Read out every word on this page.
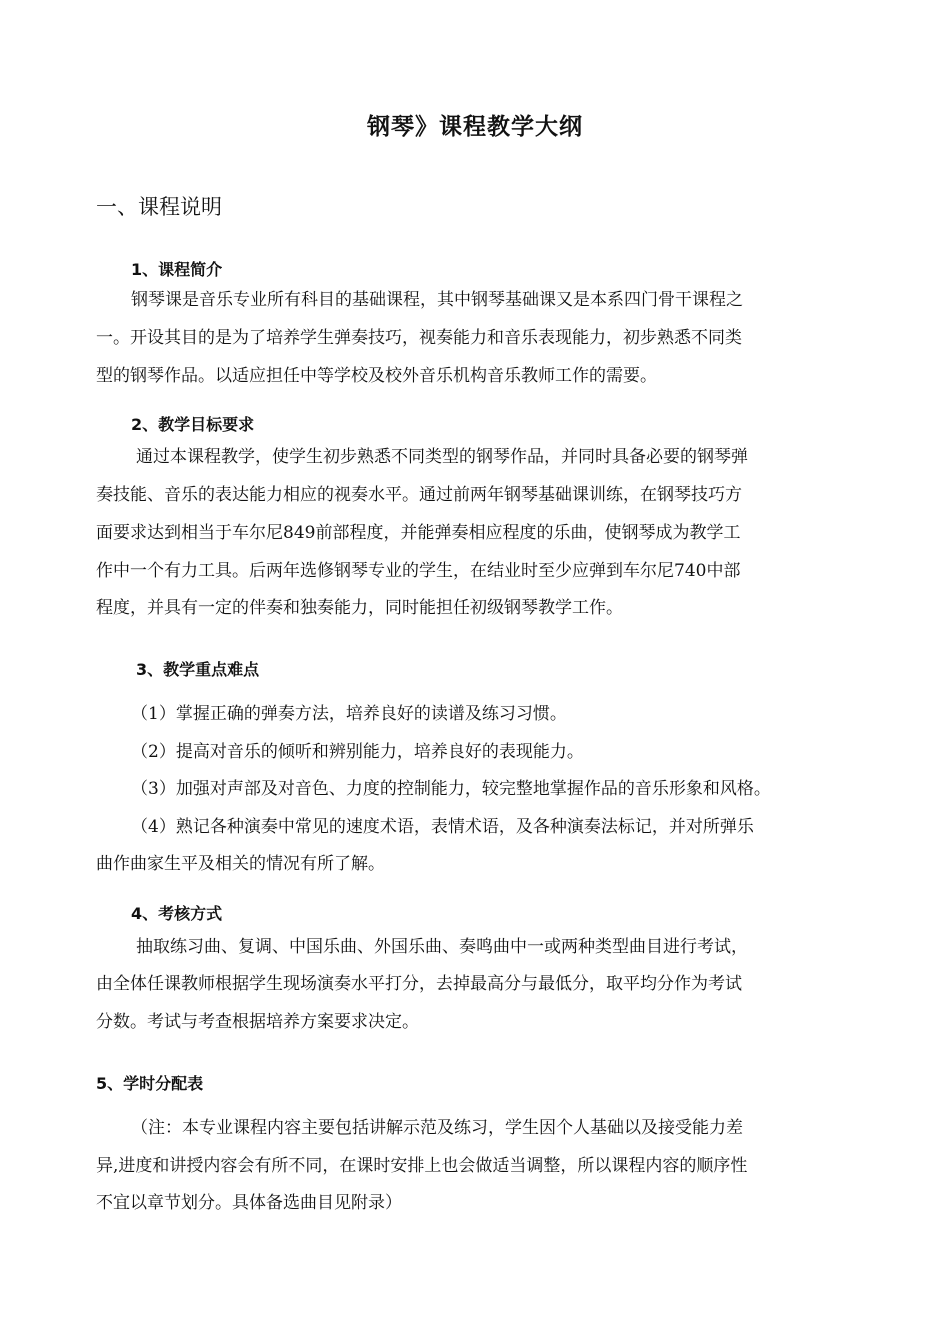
钢琴》课程教学大纲
一、课程说明
1、课程简介
钢琴课是音乐专业所有科目的基础课程，其中钢琴基础课又是本系四门骨干课程之
一。开设其目的是为了培养学生弹奏技巧，视奏能力和音乐表现能力，初步熟悉不同类
型的钢琴作品。以适应担任中等学校及校外音乐机构音乐教师工作的需要。
2、教学目标要求
通过本课程教学，使学生初步熟悉不同类型的钢琴作品，并同时具备必要的钢琴弹
奏技能、音乐的表达能力相应的视奏水平。通过前两年钢琴基础课训练，在钢琴技巧方
面要求达到相当于车尔尼849前部程度，并能弹奏相应程度的乐曲，使钢琴成为教学工
作中一个有力工具。后两年选修钢琴专业的学生，在结业时至少应弹到车尔尼740中部
程度，并具有一定的伴奏和独奏能力，同时能担任初级钢琴教学工作。
3、教学重点难点
（1）掌握正确的弹奏方法，培养良好的读谱及练习习惯。
（2）提高对音乐的倾听和辨别能力，培养良好的表现能力。
（3）加强对声部及对音色、力度的控制能力，较完整地掌握作品的音乐形象和风格。
（4）熟记各种演奏中常见的速度术语，表情术语，及各种演奏法标记，并对所弹乐
曲作曲家生平及相关的情况有所了解。
4、考核方式
抽取练习曲、复调、中国乐曲、外国乐曲、奏鸣曲中一或两种类型曲目进行考试，
由全体任课教师根据学生现场演奏水平打分，去掉最高分与最低分，取平均分作为考试
分数。考试与考查根据培养方案要求决定。
5、学时分配表
（注：本专业课程内容主要包括讲解示范及练习，学生因个人基础以及接受能力差
异,进度和讲授内容会有所不同，在课时安排上也会做适当调整，所以课程内容的顺序性
不宜以章节划分。具体备选曲目见附录）
